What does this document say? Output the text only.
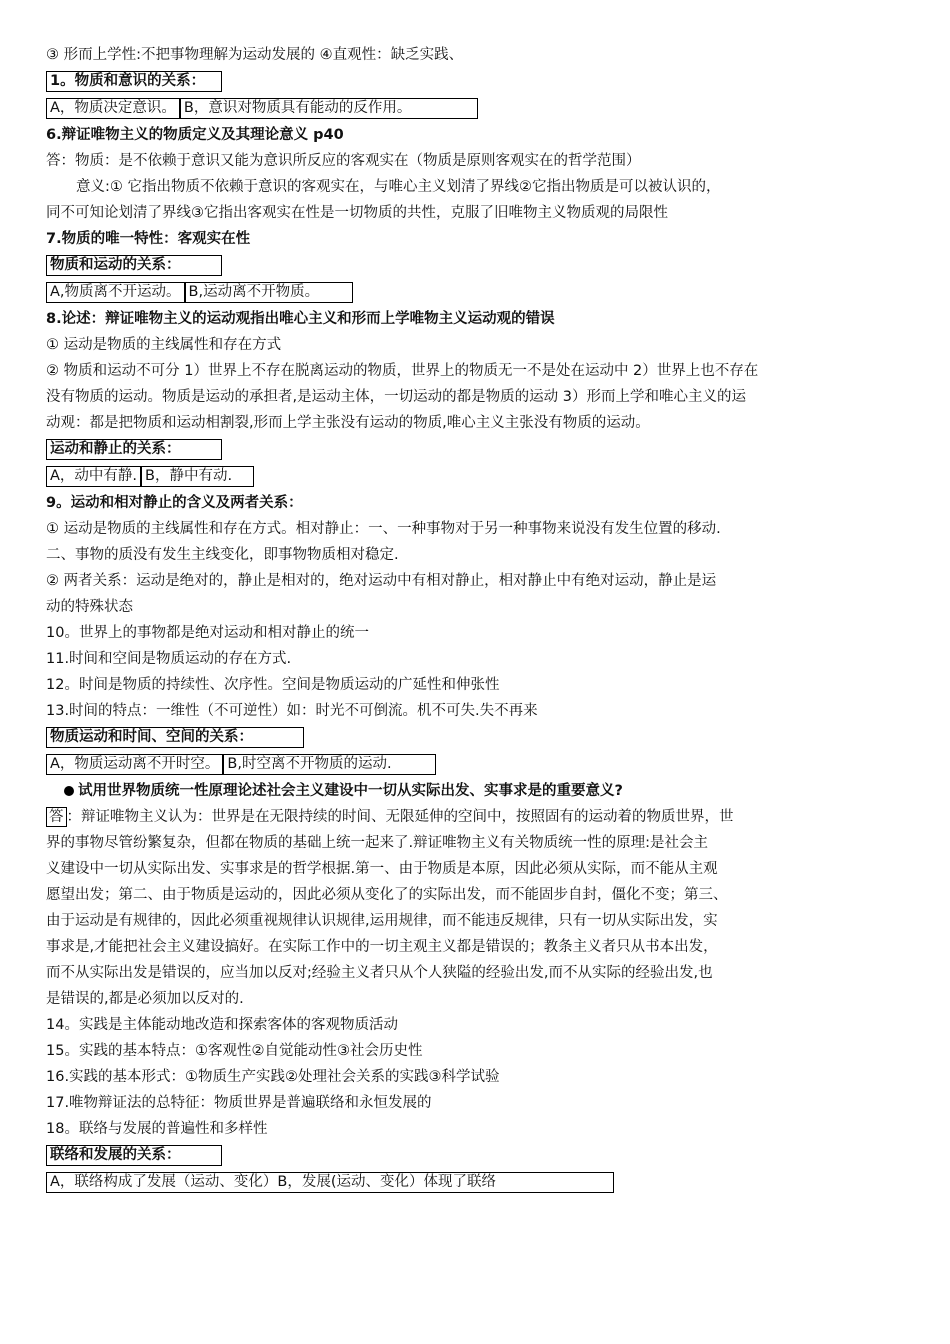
③ 形而上学性:不把事物理解为运动发展的 ④直观性：缺乏实践、
1。物质和意识的关系：
A，物质决定意识。 B，意识对物质具有能动的反作用。
6.辩证唯物主义的物质定义及其理论意义 p40
答：物质：是不依赖于意识又能为意识所反应的客观实在（物质是原则客观实在的哲学范围）
意义:① 它指出物质不依赖于意识的客观实在，与唯心主义划清了界线②它指出物质是可以被认识的，
同不可知论划清了界线③它指出客观实在性是一切物质的共性，克服了旧唯物主义物质观的局限性
7.物质的唯一特性：客观实在性
物质和运动的关系：
A,物质离不开运动。 B,运动离不开物质。
8.论述：辩证唯物主义的运动观指出唯心主义和形而上学唯物主义运动观的错误
① 运动是物质的主线属性和存在方式
② 物质和运动不可分 1）世界上不存在脱离运动的物质，世界上的物质无一不是处在运动中 2）世界上也不存在
没有物质的运动。物质是运动的承担者,是运动主体，一切运动的都是物质的运动 3）形而上学和唯心主义的运
动观：都是把物质和运动相割裂,形而上学主张没有运动的物质,唯心主义主张没有物质的运动。
运动和静止的关系：
A，动中有静. B，静中有动.
9。运动和相对静止的含义及两者关系：
① 运动是物质的主线属性和存在方式。相对静止：一、一种事物对于另一种事物来说没有发生位置的移动.
二、事物的质没有发生主线变化，即事物物质相对稳定.
② 两者关系：运动是绝对的，静止是相对的，绝对运动中有相对静止，相对静止中有绝对运动，静止是运
动的特殊状态
10。世界上的事物都是绝对运动和相对静止的统一
11.时间和空间是物质运动的存在方式.
12。时间是物质的持续性、次序性。空间是物质运动的广延性和伸张性
13.时间的特点：一维性（不可逆性）如：时光不可倒流。机不可失.失不再来
物质运动和时间、空间的关系：
A，物质运动离不开时空。 B,时空离不开物质的运动.
试用世界物质统一性原理论述社会主义建设中一切从实际出发、实事求是的重要意义?
答 ：辩证唯物主义认为：世界是在无限持续的时间、无限延伸的空间中，按照固有的运动着的物质世界，世
界的事物尽管纷繁复杂，但都在物质的基础上统一起来了.辩证唯物主义有关物质统一性的原理:是社会主
义建设中一切从实际出发、实事求是的哲学根据.第一、由于物质是本原，因此必须从实际，而不能从主观
愿望出发；第二、由于物质是运动的，因此必须从变化了的实际出发，而不能固步自封，僵化不变；第三、
由于运动是有规律的，因此必须重视规律认识规律,运用规律，而不能违反规律，只有一切从实际出发，实
事求是,才能把社会主义建设搞好。在实际工作中的一切主观主义都是错误的；教条主义者只从书本出发，
而不从实际出发是错误的，应当加以反对;经验主义者只从个人狭隘的经验出发,而不从实际的经验出发,也
是错误的,都是必须加以反对的.
14。实践是主体能动地改造和探索客体的客观物质活动
15。实践的基本特点：①客观性②自觉能动性③社会历史性
16.实践的基本形式：①物质生产实践②处理社会关系的实践③科学试验
17.唯物辩证法的总特征：物质世界是普遍联络和永恒发展的
18。联络与发展的普遍性和多样性
联络和发展的关系：
A，联络构成了发展（运动、变化）B，发展(运动、变化）体现了联络
